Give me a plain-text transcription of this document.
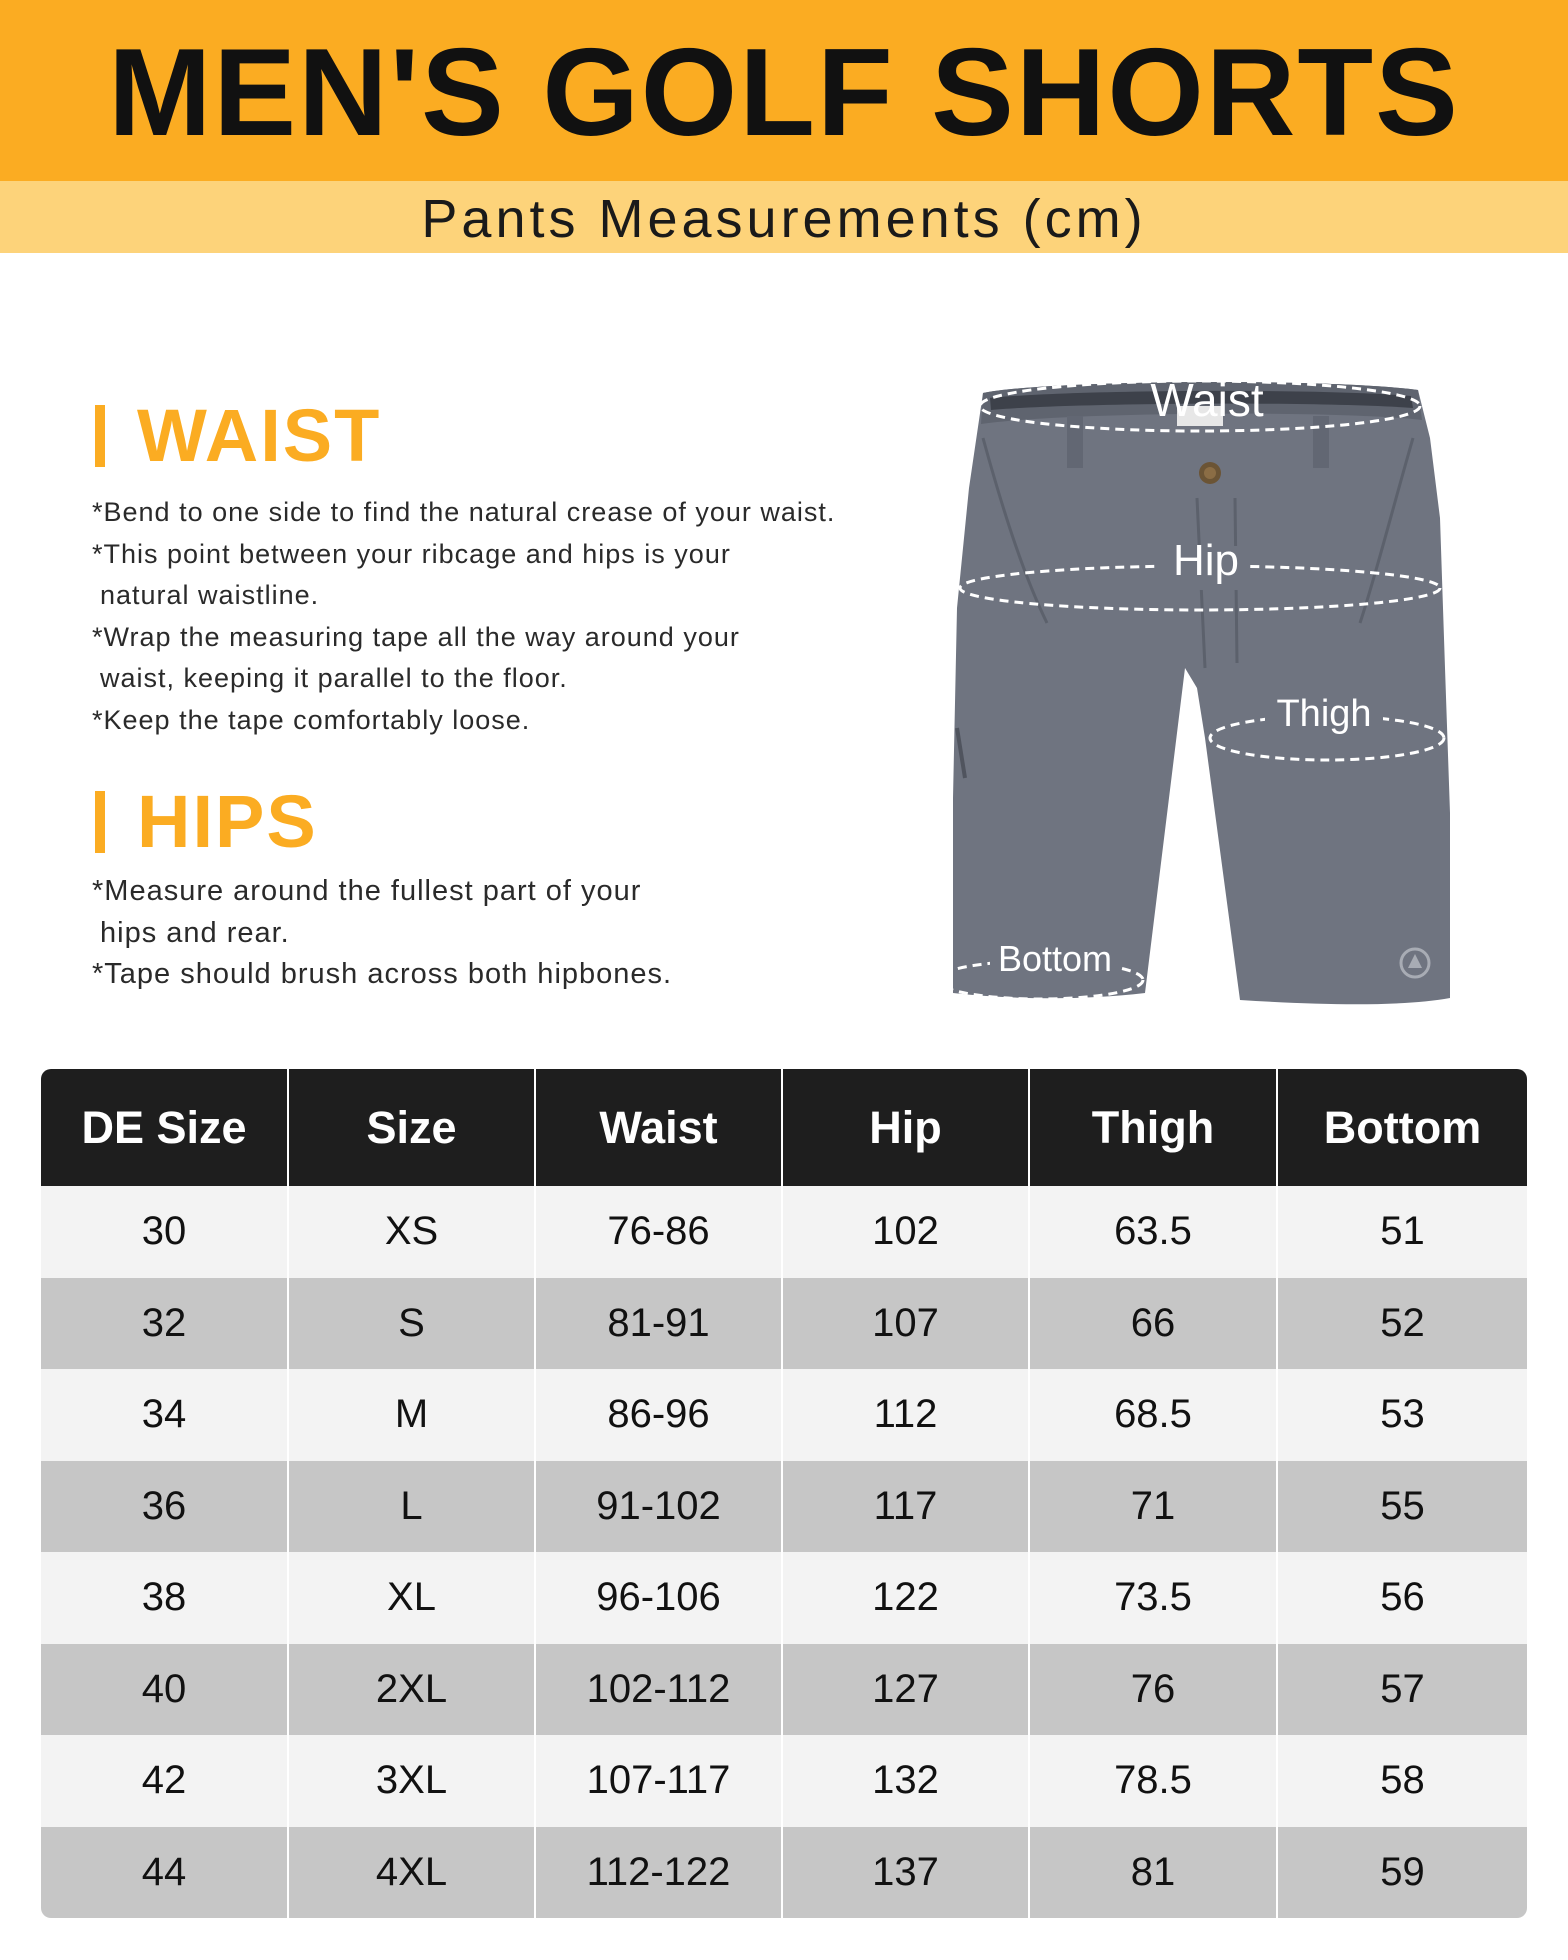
MEN'S GOLF SHORTS
Pants Measurements (cm)
WAIST

*Bend to one side to find the natural crease of your waist.

*This point between your ribcage and hips is your

natural waistline.

*Wrap the measuring tape all the way around your

waist, keeping it parallel to the floor.

*Keep the tape comfortably loose.

HIPS

*Measure around the fullest part of your

hips and rear.

*Tape should brush across both hipbones.

Waist
Hip
Thigh
Bottom
DE Size	Size	Waist	Hip	Thigh	Bottom
30	XS	76-86	102	63.5	51
32	S	81-91	107	66	52
34	M	86-96	112	68.5	53
36	L	91-102	117	71	55
38	XL	96-106	122	73.5	56
40	2XL	102-112	127	76	57
42	3XL	107-117	132	78.5	58
44	4XL	112-122	137	81	59
